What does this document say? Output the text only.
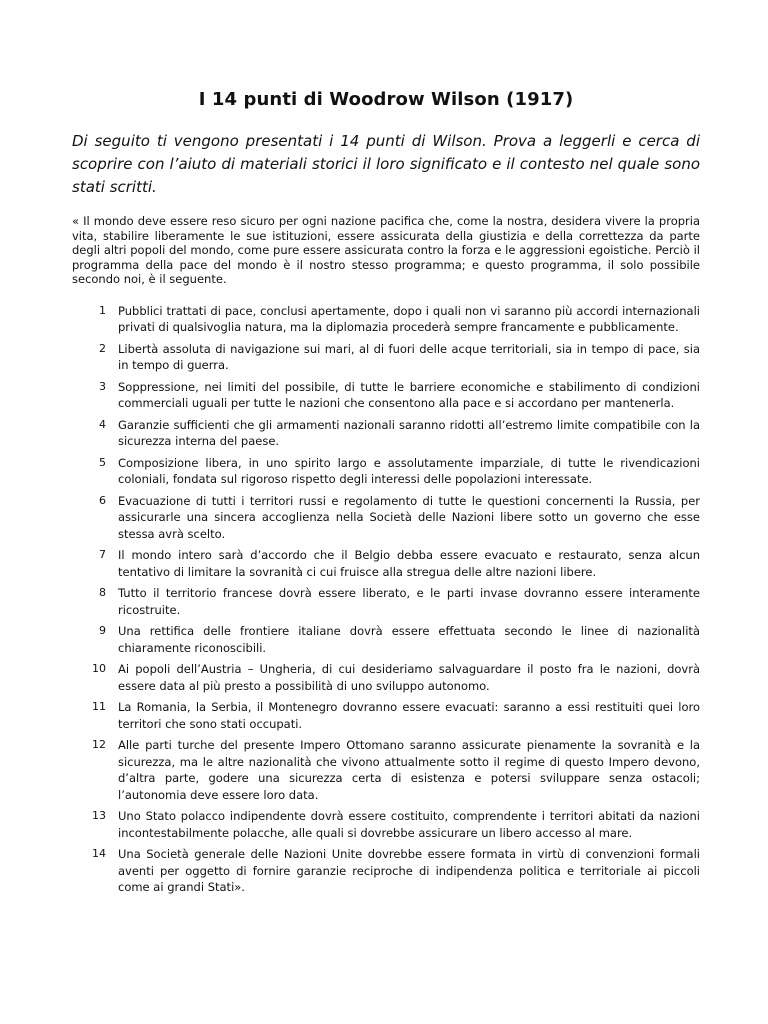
I 14 punti di Woodrow Wilson (1917)

Di seguito ti vengono presentati i 14 punti di Wilson. Prova a leggerli e cerca di scoprire con l’aiuto di materiali storici il loro significato e il contesto nel quale sono stati scritti.

« Il mondo deve essere reso sicuro per ogni nazione pacifica che, come la nostra, desidera vivere la propria vita, stabilire liberamente le sue istituzioni, essere assicurata della giustizia e della correttezza da parte degli altri popoli del mondo, come pure essere assicurata contro la forza e le aggressioni egoistiche. Perciò il programma della pace del mondo è il nostro stesso programma; e questo programma, il solo possibile secondo noi, è il seguente.

1	Pubblici trattati di pace, conclusi apertamente, dopo i quali non vi saranno più accordi internazionali privati di qualsivoglia natura, ma la diplomazia procederà sempre francamente e pubblicamente.
2	Libertà assoluta di navigazione sui mari, al di fuori delle acque territoriali, sia in tempo di pace, sia in tempo di guerra.
3	Soppressione, nei limiti del possibile, di tutte le barriere economiche e stabilimento di condizioni commerciali uguali per tutte le nazioni che consentono alla pace e si accordano per mantenerla.
4	Garanzie sufficienti che gli armamenti nazionali saranno ridotti all’estremo limite compatibile con la sicurezza interna del paese.
5	Composizione libera, in uno spirito largo e assolutamente imparziale, di tutte le rivendicazioni coloniali, fondata sul rigoroso rispetto degli interessi delle popolazioni interessate.
6	Evacuazione di tutti i territori russi e regolamento di tutte le questioni concernenti la Russia, per assicurarle una sincera accoglienza nella Società delle Nazioni libere sotto un governo che esse stessa avrà scelto.
7	Il mondo intero sarà d’accordo che il Belgio debba essere evacuato e restaurato, senza alcun tentativo di limitare la sovranità ci cui fruisce alla stregua delle altre nazioni libere.
8	Tutto il territorio francese dovrà essere liberato, e le parti invase dovranno essere interamente ricostruite.
9	Una rettifica delle frontiere italiane dovrà essere effettuata secondo le linee di nazionalità chiaramente riconoscibili.
10	Ai popoli dell’Austria – Ungheria, di cui desideriamo salvaguardare il posto fra le nazioni, dovrà essere data al più presto a possibilità di uno sviluppo autonomo.
11	La Romania, la Serbia, il Montenegro dovranno essere evacuati: saranno a essi restituiti quei loro territori che sono stati occupati.
12	Alle parti turche del presente Impero Ottomano saranno assicurate pienamente la sovranità e la sicurezza, ma le altre nazionalità che vivono attualmente sotto il regime di questo Impero devono, d’altra parte, godere una sicurezza certa di esistenza e potersi sviluppare senza ostacoli; l’autonomia deve essere loro data.
13	Uno Stato polacco indipendente dovrà essere costituito, comprendente i territori abitati da nazioni incontestabilmente polacche, alle quali si dovrebbe assicurare un libero accesso al mare.
14	Una Società generale delle Nazioni Unite dovrebbe essere formata in virtù di convenzioni formali aventi per oggetto di fornire garanzie reciproche di indipendenza politica e territoriale ai piccoli come ai grandi Stati».
